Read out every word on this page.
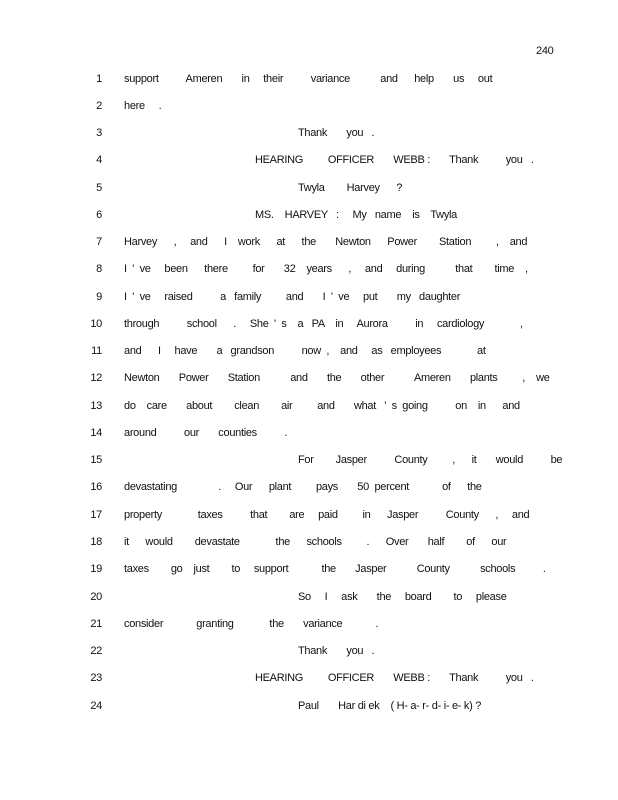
240
1 support          Ameren       in     their          variance           and      help       us     out
2 here     .
3	Thank       you   .
4	HEARING         OFFICER       WEBB :       Thank          you   .
5	Twyla        Harvey      ?
6	MS.    HARVEY   :     My   name    is    Twyla
7 Harvey      ,     and      I    work      at      the       Newton      Power        Station         ,    and
8 I  '  ve     been      there         for       32    years      ,     and     during           that        time    ,
9 I  '  ve     raised          a   family         and       I  '  ve     put       my   daughter
10 through          school      .     She  '  s    a   PA    in     Aurora          in     cardiology             ,
11 and      I     have       a   grandson          now  ,    and     as   employees             at
12 Newton       Power       Station           and       the       other           Ameren       plants         ,    we
13 do    care       about        clean        air         and       what   '  s  going          on    in      and
14 around          our       counties          .
15	For        Jasper          County         ,      it       would          be
16 devastating               .     Our      plant         pays       50  percent            of      the
17 property             taxes          that        are     paid         in      Jasper          County      ,     and
18 it      would        devastate             the      schools         .      Over       half        of      our
19 taxes        go    just        to     support            the       Jasper           County           schools          .
20	So     I     ask       the     board        to     please
21 consider            granting             the       variance            .
22	Thank       you   .
23	HEARING         OFFICER       WEBB :       Thank          you   .
24	Paul       Har di ek    ( H- a- r- d- i- e- k) ?
